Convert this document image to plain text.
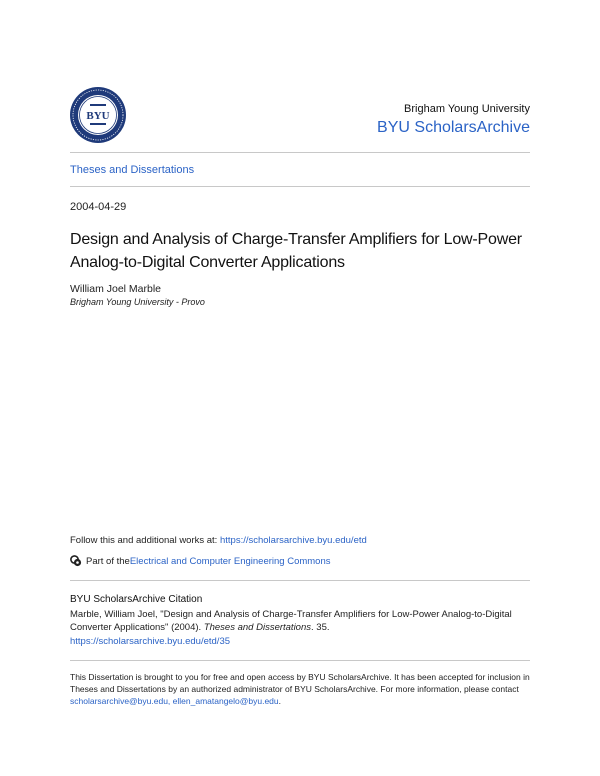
BYU
Brigham Young University
BYU ScholarsArchive
Theses and Dissertations
2004-04-29
Design and Analysis of Charge-Transfer Amplifiers for Low-Power Analog-to-Digital Converter Applications
William Joel Marble
Brigham Young University - Provo
Follow this and additional works at: https://scholarsarchive.byu.edu/etd
Part of the Electrical and Computer Engineering Commons
BYU ScholarsArchive Citation
Marble, William Joel, "Design and Analysis of Charge-Transfer Amplifiers for Low-Power Analog-to-Digital Converter Applications" (2004). Theses and Dissertations. 35.
https://scholarsarchive.byu.edu/etd/35
This Dissertation is brought to you for free and open access by BYU ScholarsArchive. It has been accepted for inclusion in Theses and Dissertations by an authorized administrator of BYU ScholarsArchive. For more information, please contact scholarsarchive@byu.edu, ellen_amatangelo@byu.edu.
